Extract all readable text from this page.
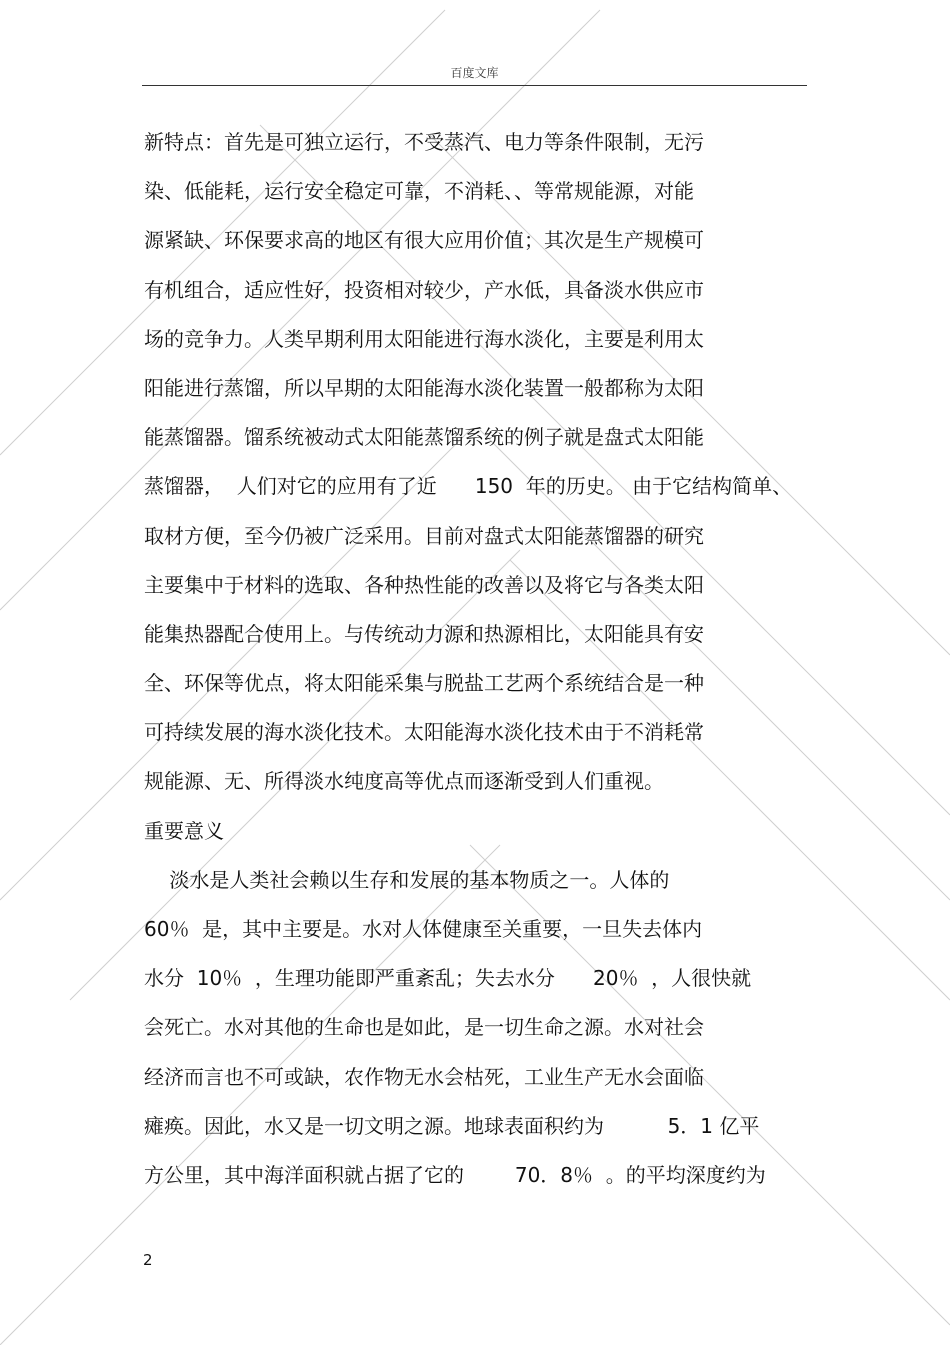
百度文库
新特点：首先是可独立运行，不受蒸汽、电力等条件限制，无污
染、低能耗，运行安全稳定可靠，不消耗、、等常规能源，对能
源紧缺、环保要求高的地区有很大应用价值；其次是生产规模可
有机组合，适应性好，投资相对较少，产水低，具备淡水供应市
场的竞争力。人类早期利用太阳能进行海水淡化，主要是利用太
阳能进行蒸馏，所以早期的太阳能海水淡化装置一般都称为太阳
能蒸馏器。馏系统被动式太阳能蒸馏系统的例子就是盘式太阳能
蒸馏器，  人们对它的应用有了近      150  年的历史。 由于它结构简单、
取材方便，至今仍被广泛采用。目前对盘式太阳能蒸馏器的研究
主要集中于材料的选取、各种热性能的改善以及将它与各类太阳
能集热器配合使用上。与传统动力源和热源相比，太阳能具有安
全、环保等优点，将太阳能采集与脱盐工艺两个系统结合是一种
可持续发展的海水淡化技术。太阳能海水淡化技术由于不消耗常
规能源、无、所得淡水纯度高等优点而逐渐受到人们重视。
重要意义
淡水是人类社会赖以生存和发展的基本物质之一。人体的
60％  是，其中主要是。水对人体健康至关重要，一旦失去体内
水分  10％  ，生理功能即严重紊乱；失去水分      20％  ，人很快就
会死亡。水对其他的生命也是如此，是一切生命之源。水对社会
经济而言也不可或缺，农作物无水会枯死，工业生产无水会面临
瘫痪。因此，水又是一切文明之源。地球表面积约为          5．1 亿平
方公里，其中海洋面积就占据了它的        70．8％  。的平均深度约为
2
